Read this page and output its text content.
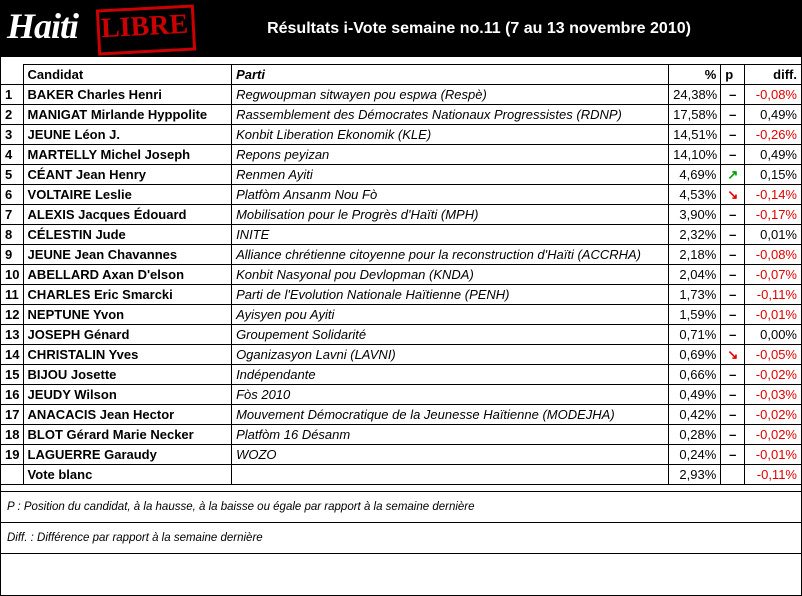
Haiti LIBRE	Résultats i-Vote semaine no.11 (7 au 13 novembre 2010)
	Candidat	Parti	%	p	diff.
1	BAKER Charles Henri	Regwoupman sitwayen pou espwa (Respè)	24,38%	–	-0,08%
2	MANIGAT Mirlande Hyppolite	Rassemblement des Démocrates Nationaux Progressistes (RDNP)	17,58%	–	0,49%
3	JEUNE Léon J.	Konbit Liberation Ekonomik (KLE)	14,51%	–	-0,26%
4	MARTELLY Michel Joseph	Repons peyizan	14,10%	–	0,49%
5	CÉANT Jean Henry	Renmen Ayiti	4,69%	↗	0,15%
6	VOLTAIRE Leslie	Platfòm Ansanm Nou Fò	4,53%	↘	-0,14%
7	ALEXIS Jacques Édouard	Mobilisation pour le Progrès d'Haïti (MPH)	3,90%	–	-0,17%
8	CÉLESTIN Jude	INITE	2,32%	–	0,01%
9	JEUNE Jean Chavannes	Alliance chrétienne citoyenne pour la reconstruction d'Haïti (ACCRHA)	2,18%	–	-0,08%
10	ABELLARD Axan D'elson	Konbit Nasyonal pou Devlopman (KNDA)	2,04%	–	-0,07%
11	CHARLES Eric Smarcki	Parti de l'Evolution Nationale Haïtienne (PENH)	1,73%	–	-0,11%
12	NEPTUNE Yvon	Ayisyen pou Ayiti	1,59%	–	-0,01%
13	JOSEPH Génard	Groupement Solidarité	0,71%	–	0,00%
14	CHRISTALIN Yves	Oganizasyon Lavni (LAVNI)	0,69%	↘	-0,05%
15	BIJOU Josette	Indépendante	0,66%	–	-0,02%
16	JEUDY Wilson	Fòs 2010	0,49%	–	-0,03%
17	ANACACIS Jean Hector	Mouvement Démocratique de la Jeunesse Haïtienne (MODEJHA)	0,42%	–	-0,02%
18	BLOT Gérard Marie Necker	Platfòm 16 Désanm	0,28%	–	-0,02%
19	LAGUERRE Garaudy	WOZO	0,24%	–	-0,01%
	Vote blanc		2,93%		-0,11%
P : Position du candidat, à la hausse, à la baisse ou égale par rapport à la semaine dernière
Diff. : Différence par rapport à la semaine dernière
